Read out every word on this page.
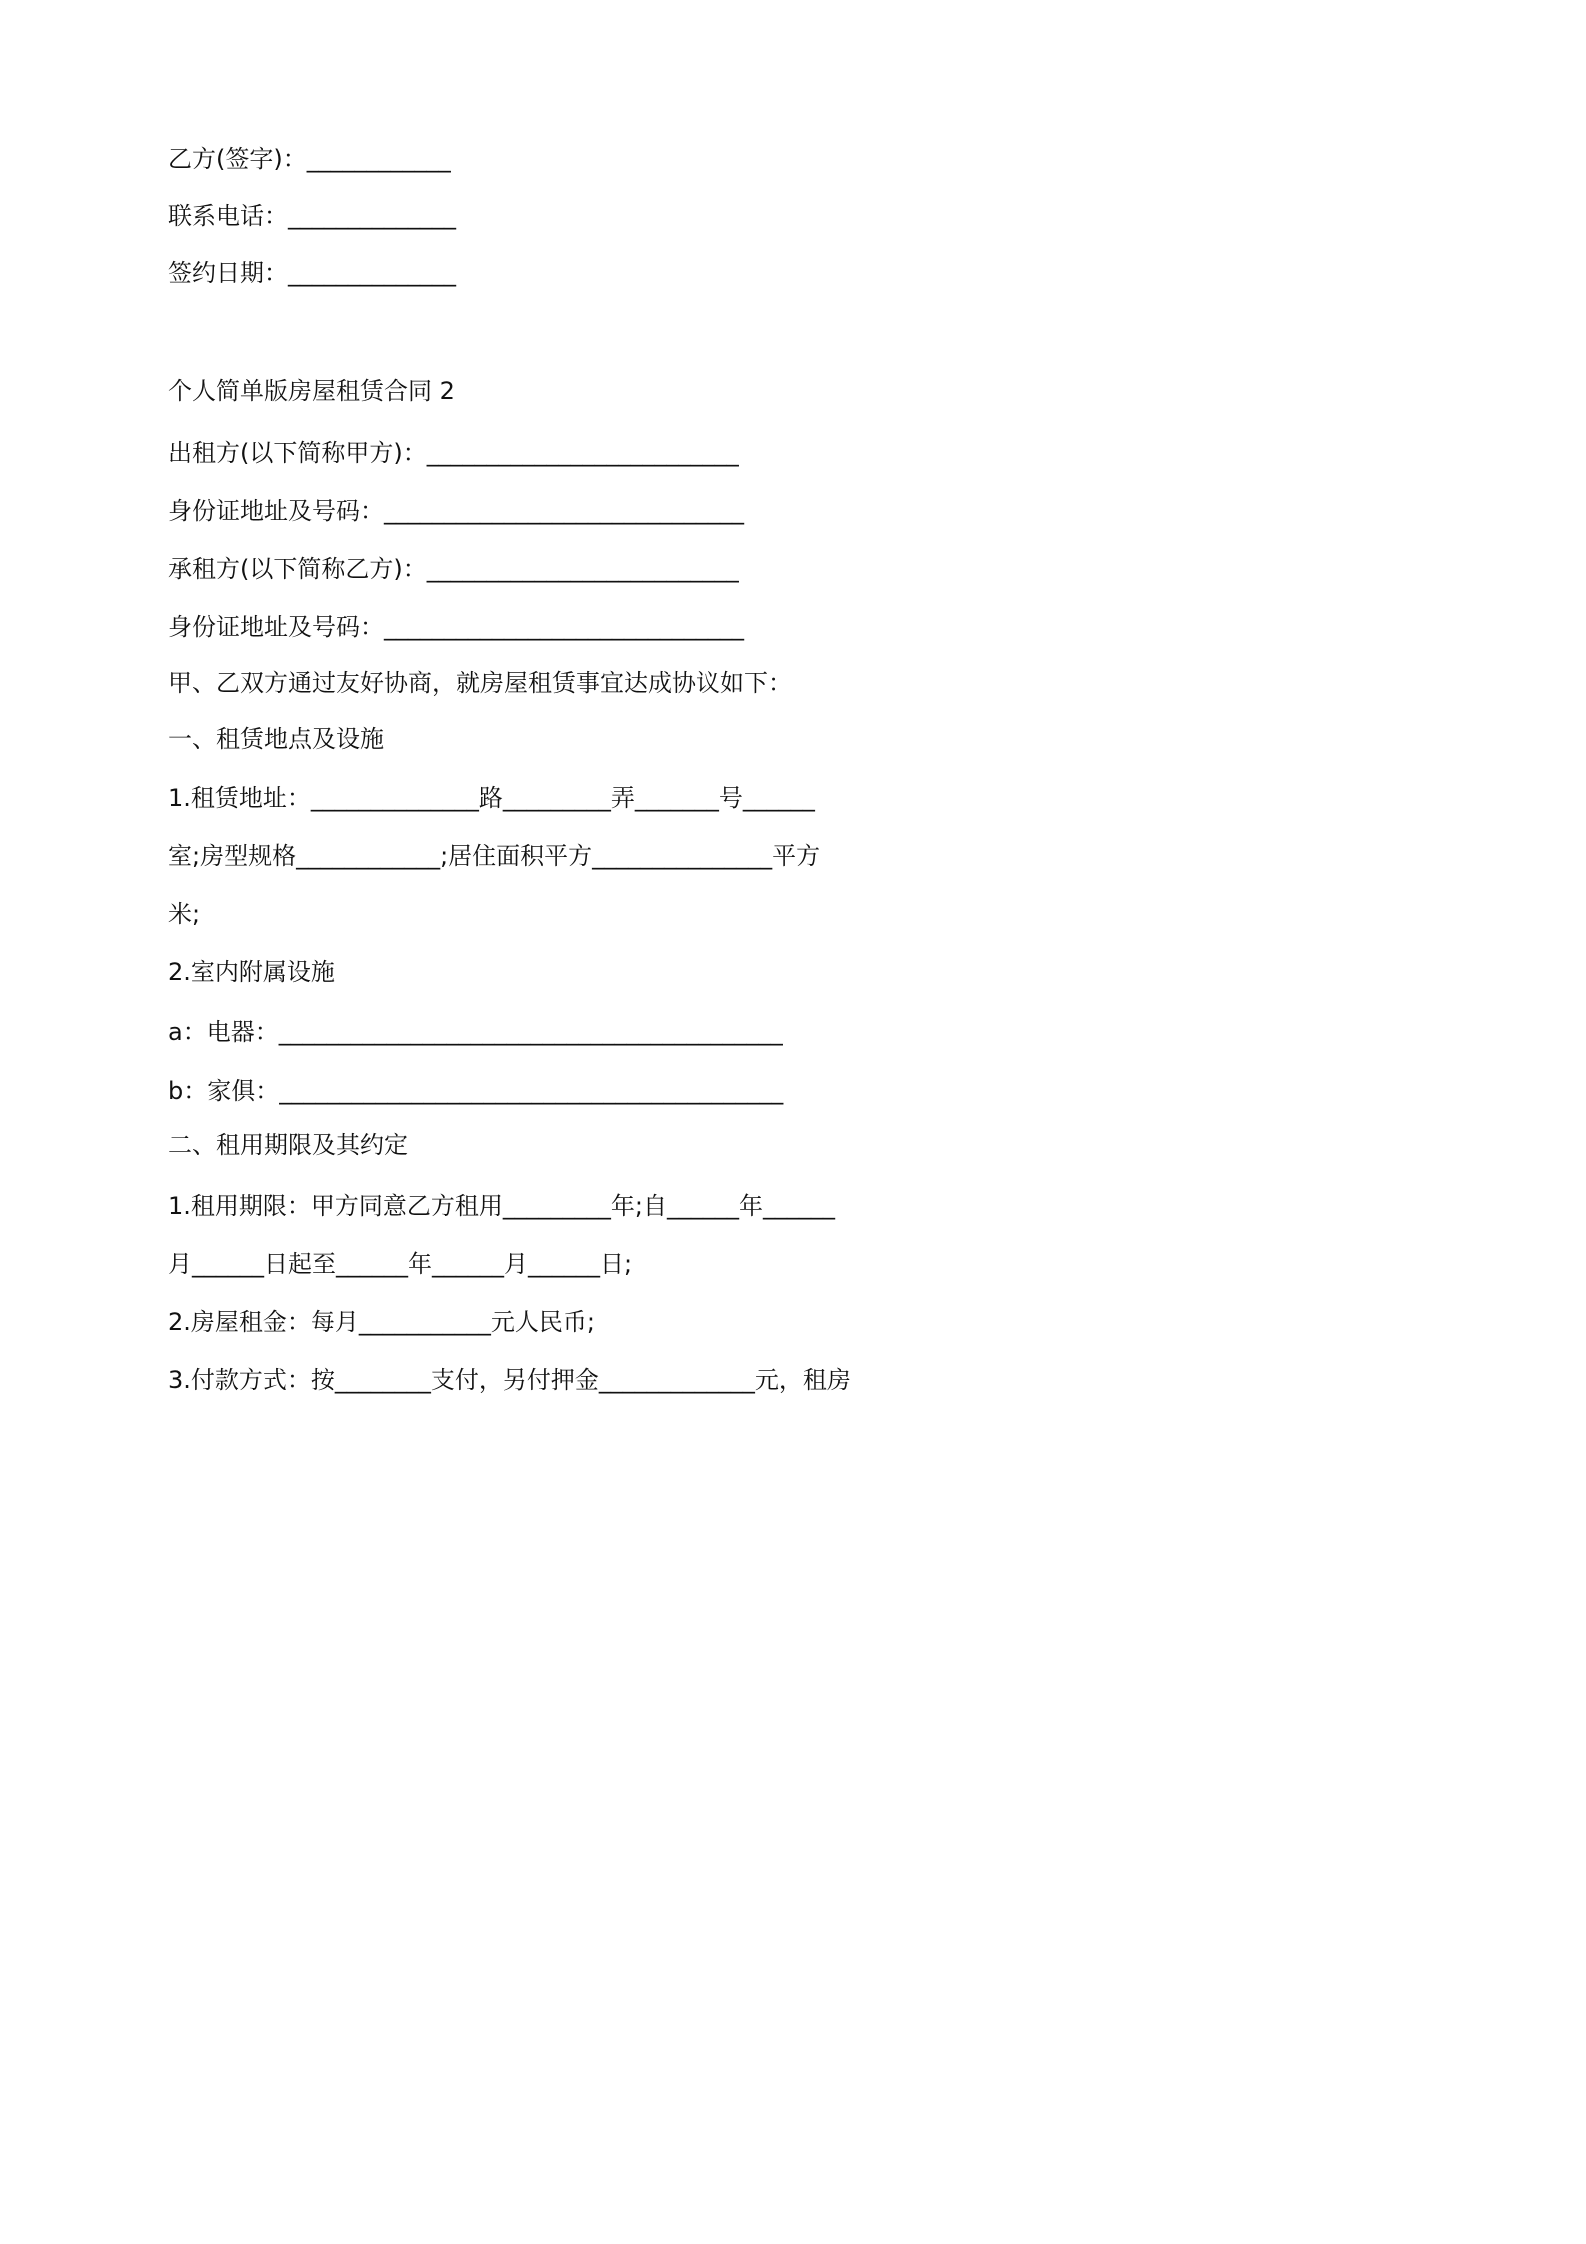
乙方(签字)：____________
联系电话：______________
签约日期：______________
个人简单版房屋租赁合同 2
出租方(以下简称甲方)：__________________________
身份证地址及号码：______________________________
承租方(以下简称乙方)：__________________________
身份证地址及号码：______________________________
甲、乙双方通过友好协商，就房屋租赁事宜达成协议如下：
一、租赁地点及设施
1.租赁地址：______________路_________弄_______号______
室;房型规格____________;居住面积平方_______________平方
米;
2.室内附属设施
a：电器：__________________________________________
b：家俱：__________________________________________
二、租用期限及其约定
1.租用期限：甲方同意乙方租用_________年;自______年______
月______日起至______年______月______日;
2.房屋租金：每月___________元人民币;
3.付款方式：按________支付，另付押金_____________元，租房
